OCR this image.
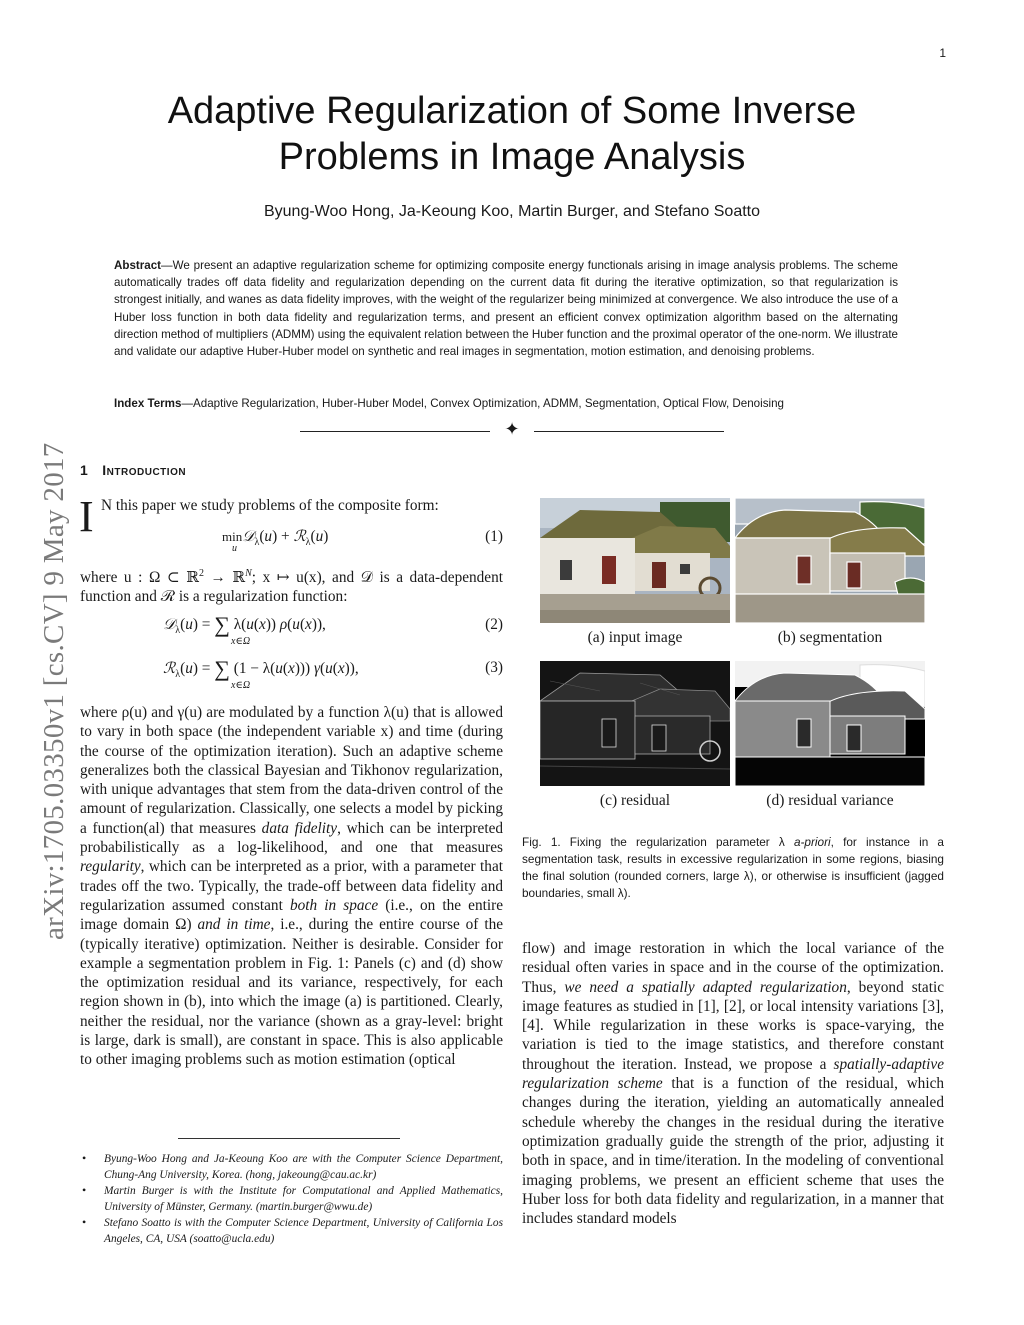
1
arXiv:1705.03350v1 [cs.CV] 9 May 2017
Adaptive Regularization of Some Inverse Problems in Image Analysis
Byung-Woo Hong, Ja-Keoung Koo, Martin Burger, and Stefano Soatto
Abstract—We present an adaptive regularization scheme for optimizing composite energy functionals arising in image analysis problems. The scheme automatically trades off data fidelity and regularization depending on the current data fit during the iterative optimization, so that regularization is strongest initially, and wanes as data fidelity improves, with the weight of the regularizer being minimized at convergence. We also introduce the use of a Huber loss function in both data fidelity and regularization terms, and present an efficient convex optimization algorithm based on the alternating direction method of multipliers (ADMM) using the equivalent relation between the Huber function and the proximal operator of the one-norm. We illustrate and validate our adaptive Huber-Huber model on synthetic and real images in segmentation, motion estimation, and denoising problems.
Index Terms—Adaptive Regularization, Huber-Huber Model, Convex Optimization, ADMM, Segmentation, Optical Flow, Denoising
✦
1 Introduction
I N this paper we study problems of the composite form:
min𝒟$_\lambda$(u) + ℛ$_\lambda$(u)
u
(1)
where u : Ω ⊂ ℝ$^2$ → ℝ$^N$; x ↦ u(x), and 𝒟 is a data-dependent function and ℛ is a regularization function:
𝒟$_\lambda$(u) = ∑ λ(u(x)) ρ(u(x)),
x∈Ω
(2)
ℛ$_\lambda$(u) = ∑ (1 − λ(u(x))) γ(u(x)),
x∈Ω
(3)
where ρ(u) and γ(u) are modulated by a function λ(u) that is allowed to vary in both space (the independent variable x) and time (during the course of the optimization iteration). Such an adaptive scheme generalizes both the classical Bayesian and Tikhonov regularization, with unique advantages that stem from the data-driven control of the amount of regularization. Classically, one selects a model by picking a function(al) that measures data fidelity, which can be interpreted probabilistically as a log-likelihood, and one that measures regularity, which can be interpreted as a prior, with a parameter that trades off the two. Typically, the trade-off between data fidelity and regularization assumed constant both in space (i.e., on the entire image domain Ω) and in time, i.e., during the entire course of the (typically iterative) optimization. Neither is desirable. Consider for example a segmentation problem in Fig. 1: Panels (c) and (d) show the optimization residual and its variance, respectively, for each region shown in (b), into which the image (a) is partitioned. Clearly, neither the residual, nor the variance (shown as a gray-level: bright is large, dark is small), are constant in space. This is also applicable to other imaging problems such as motion estimation (optical
• Byung-Woo Hong and Ja-Keoung Koo are with the Computer Science Department, Chung-Ang University, Korea. (hong, jakeoung@cau.ac.kr)
• Martin Burger is with the Institute for Computational and Applied Mathematics, University of Münster, Germany. (martin.burger@wwu.de)
• Stefano Soatto is with the Computer Science Department, University of California Los Angeles, CA, USA (soatto@ucla.edu)
(a) input image	(b) segmentation
(c) residual	(d) residual variance
Fig. 1. Fixing the regularization parameter λ a-priori, for instance in a segmentation task, results in excessive regularization in some regions, biasing the final solution (rounded corners, large λ), or otherwise is insufficient (jagged boundaries, small λ).
flow) and image restoration in which the local variance of the residual often varies in space and in the course of the optimization. Thus, we need a spatially adapted regularization, beyond static image features as studied in [1], [2], or local intensity variations [3], [4]. While regularization in these works is space-varying, the variation is tied to the image statistics, and therefore constant throughout the iteration. Instead, we propose a spatially-adaptive regularization scheme that is a function of the residual, which changes during the iteration, yielding an automatically annealed schedule whereby the changes in the residual during the iterative optimization gradually guide the strength of the prior, adjusting it both in space, and in time/iteration. In the modeling of conventional imaging problems, we present an efficient scheme that uses the Huber loss for both data fidelity and regularization, in a manner that includes standard models
